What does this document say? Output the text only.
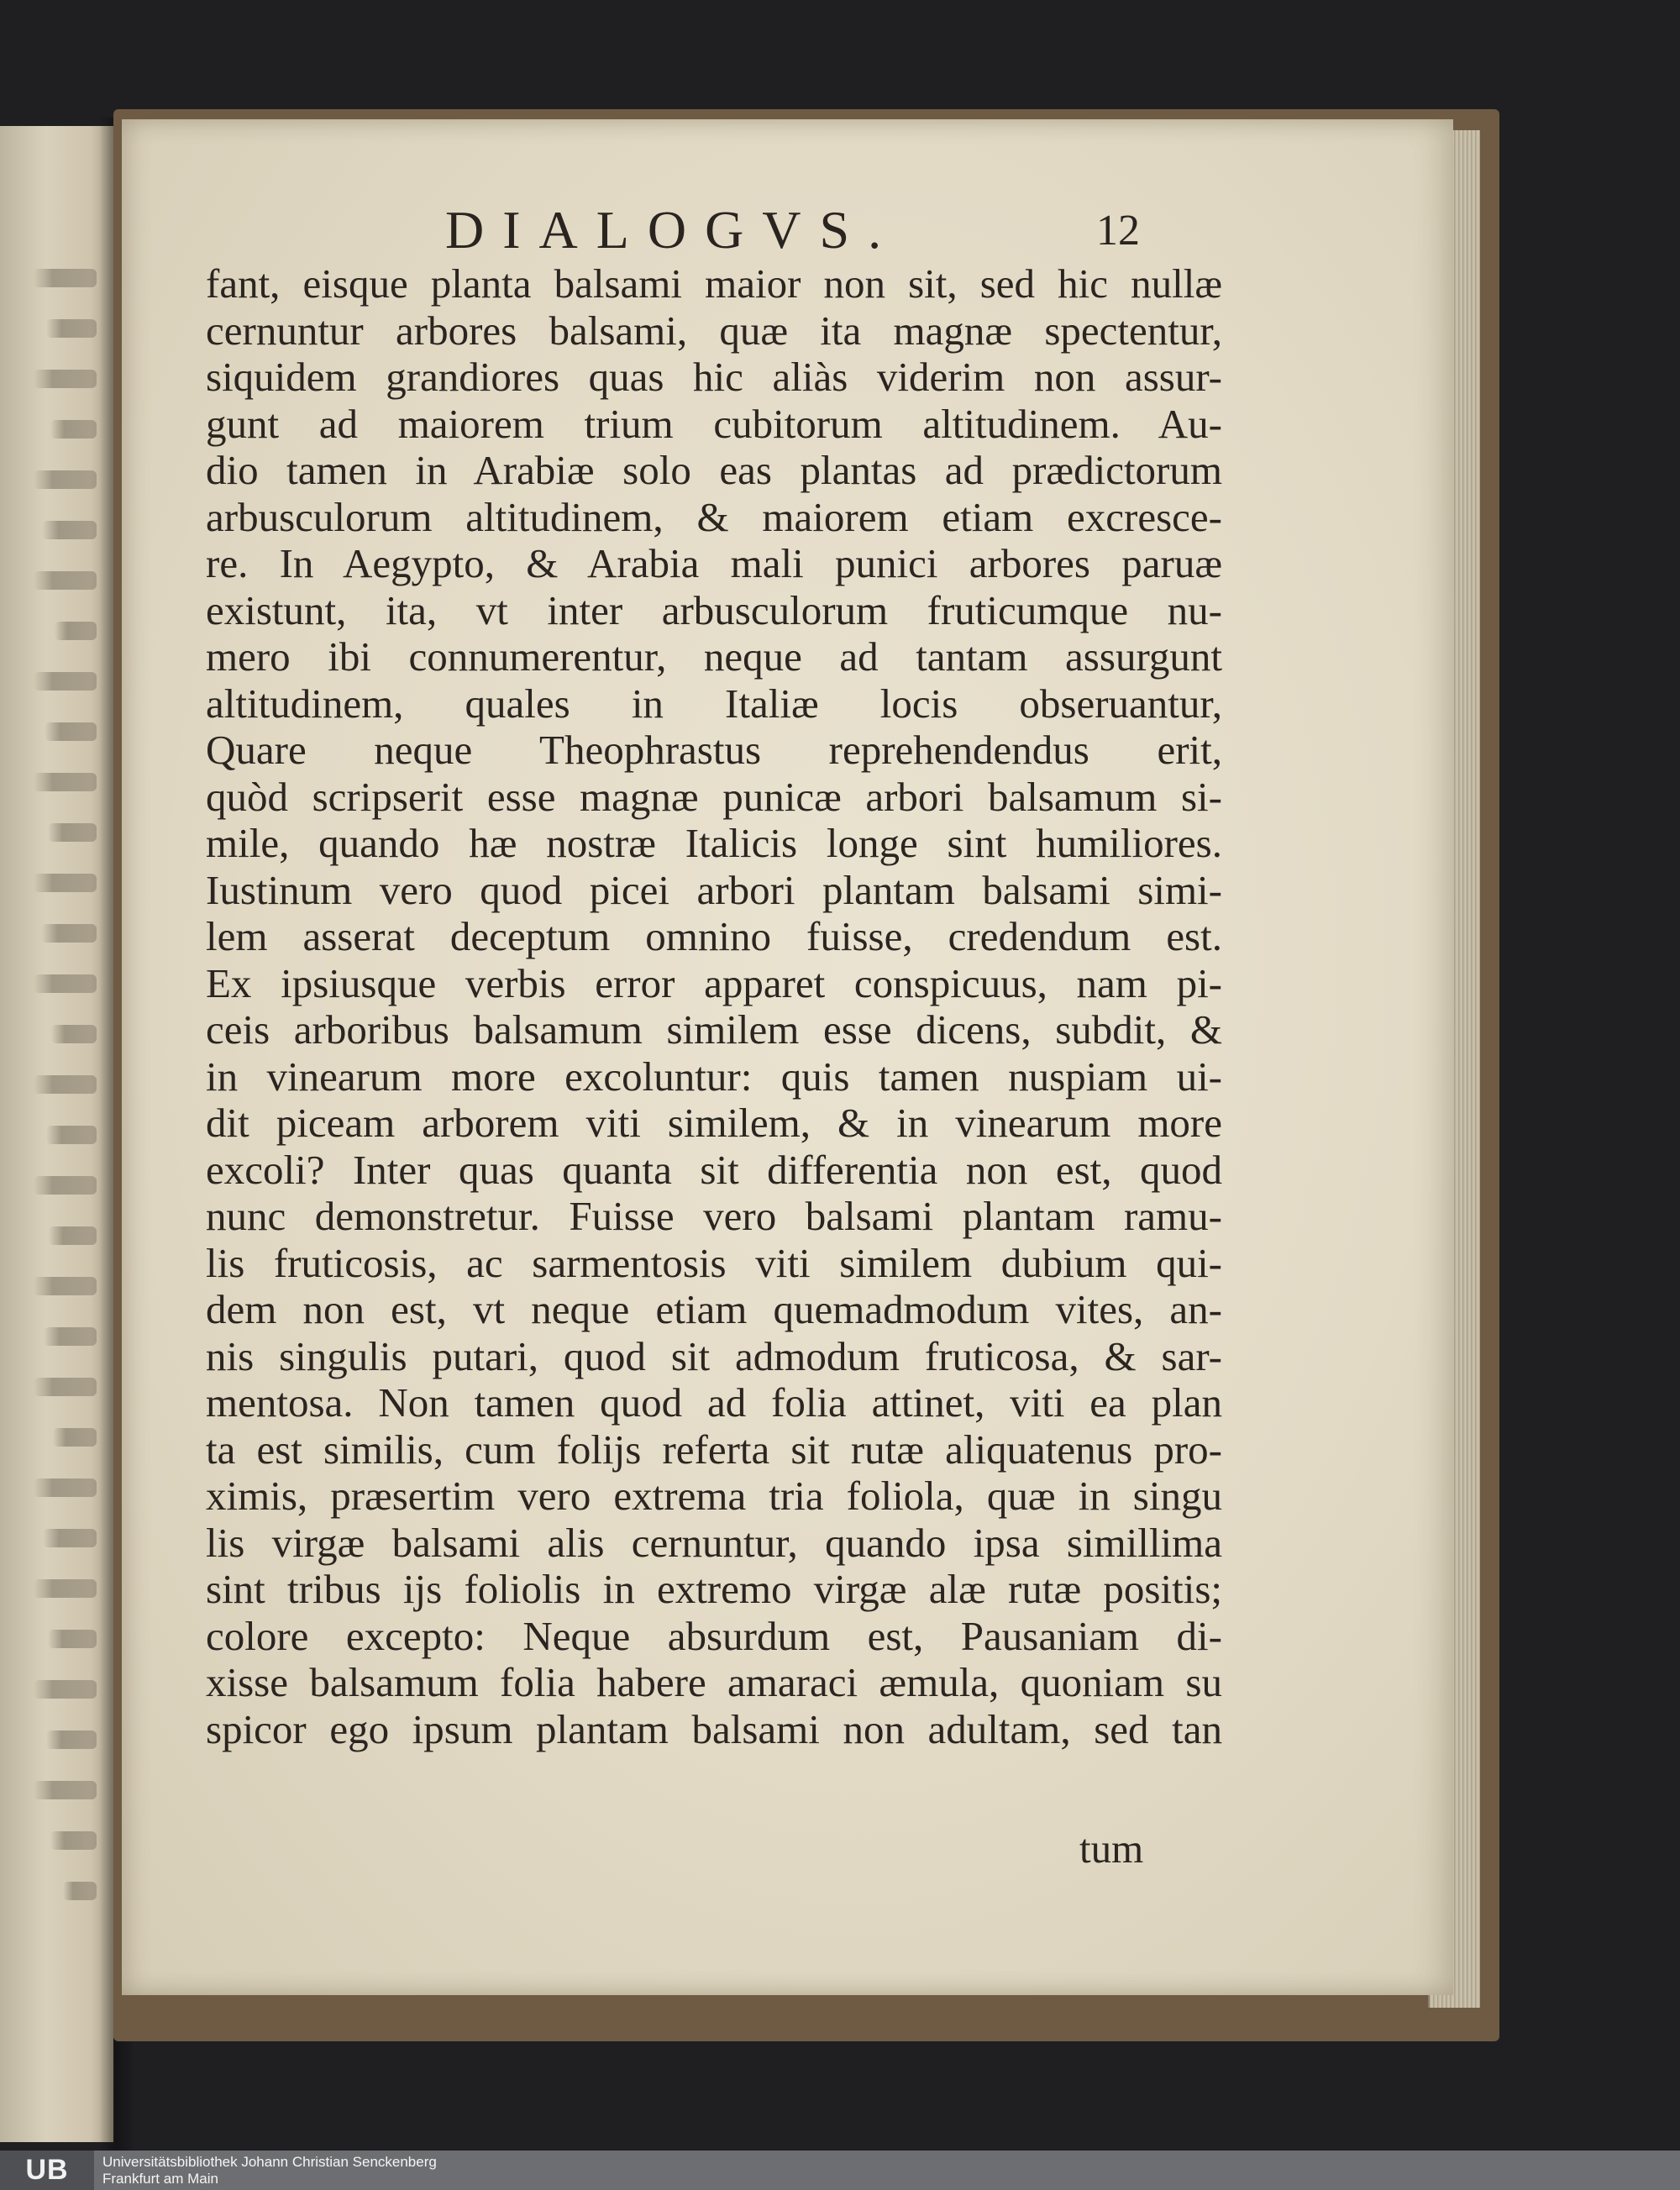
DIALOGVS.	12
fant, eisque planta balsami maior non sit, sed hic nullæ
cernuntur arbores balsami, quæ ita magnæ spectentur,
siquidem grandiores quas hic aliàs viderim non assur-
gunt ad maiorem trium cubitorum altitudinem. Au-
dio tamen in Arabiæ solo eas plantas ad prædictorum
arbusculorum altitudinem, & maiorem etiam excresce-
re. In Aegypto, & Arabia mali punici arbores paruæ
existunt, ita, vt inter arbusculorum fruticumque nu-
mero ibi connumerentur, neque ad tantam assurgunt
altitudinem, quales in Italiæ locis obseruantur,
Quare neque Theophrastus reprehendendus erit,
quòd scripserit esse magnæ punicæ arbori balsamum si-
mile, quando hæ nostræ Italicis longe sint humiliores.
Iustinum vero quod picei arbori plantam balsami simi-
lem asserat deceptum omnino fuisse, credendum est.
Ex ipsiusque verbis error apparet conspicuus, nam pi-
ceis arboribus balsamum similem esse dicens, subdit, &
in vinearum more excoluntur: quis tamen nuspiam ui-
dit piceam arborem viti similem, & in vinearum more
excoli? Inter quas quanta sit differentia non est, quod
nunc demonstretur. Fuisse vero balsami plantam ramu-
lis fruticosis, ac sarmentosis viti similem dubium qui-
dem non est, vt neque etiam quemadmodum vites, an-
nis singulis putari, quod sit admodum fruticosa, & sar-
mentosa. Non tamen quod ad folia attinet, viti ea plan
ta est similis, cum folijs referta sit rutæ aliquatenus pro-
ximis, præsertim vero extrema tria foliola, quæ in singu
lis virgæ balsami alis cernuntur, quando ipsa simillima
sint tribus ijs foliolis in extremo virgæ alæ rutæ positis;
colore excepto: Neque absurdum est, Pausaniam di-
xisse balsamum folia habere amaraci æmula, quoniam su
spicor ego ipsum plantam balsami non adultam, sed tan
tum
UB	Universitätsbibliothek Johann Christian Senckenberg
Frankfurt am Main
